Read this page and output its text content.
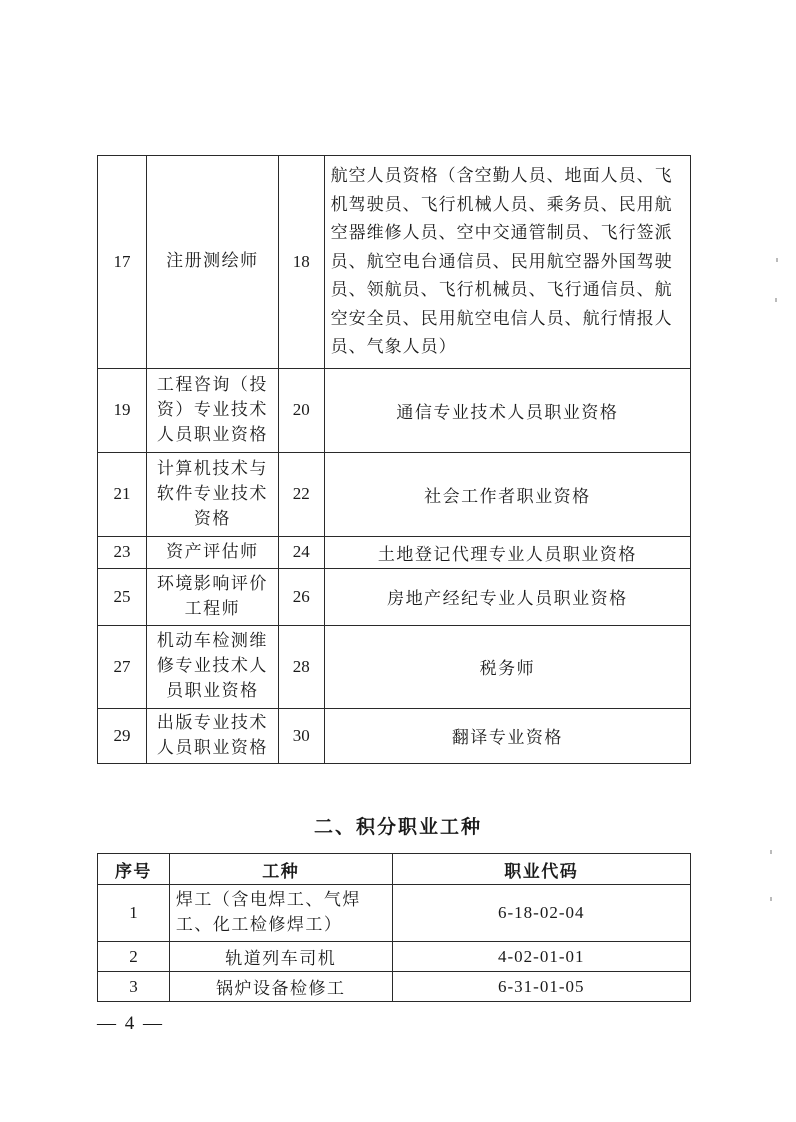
17	注册测绘师	18	航空人员资格（含空勤人员、地面人员、飞机驾驶员、飞行机械人员、乘务员、民用航空器维修人员、空中交通管制员、飞行签派员、航空电台通信员、民用航空器外国驾驶员、领航员、飞行机械员、飞行通信员、航空安全员、民用航空电信人员、航行情报人员、气象人员）
19	工程咨询（投资）专业技术人员职业资格	20	通信专业技术人员职业资格
21	计算机技术与软件专业技术资格	22	社会工作者职业资格
23	资产评估师	24	土地登记代理专业人员职业资格
25	环境影响评价工程师	26	房地产经纪专业人员职业资格
27	机动车检测维修专业技术人员职业资格	28	税务师
29	出版专业技术人员职业资格	30	翻译专业资格
二、积分职业工种
序号	工种	职业代码
1	焊工（含电焊工、气焊工、化工检修焊工）	6-18-02-04
2	轨道列车司机	4-02-01-01
3	锅炉设备检修工	6-31-01-05
— 4 —
